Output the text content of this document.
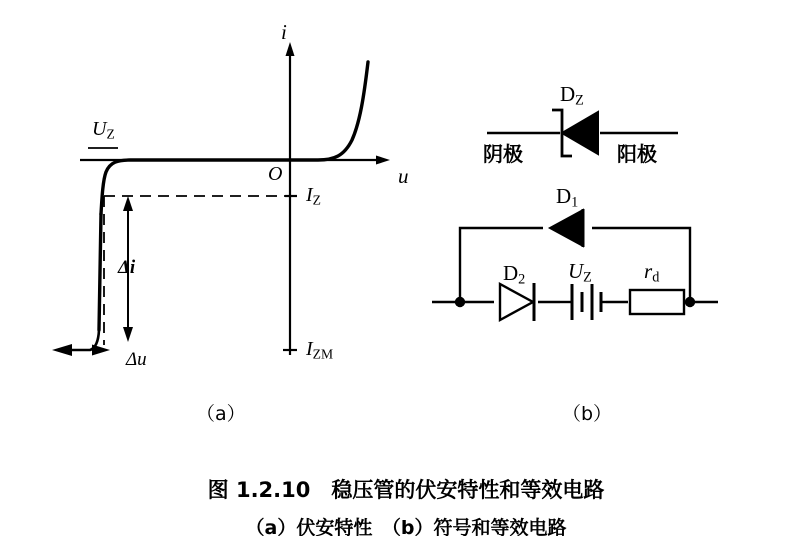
i
u
O
$U_Z$
$I_Z$
$I_{ZM}$
Δi
Δu
$D_Z$
阴极	阳极
$D_1$
$D_2$ $U_Z$ $r_d$
（a）	（b）
图 1.2.10　稳压管的伏安特性和等效电路
（a）伏安特性　（b）符号和等效电路
